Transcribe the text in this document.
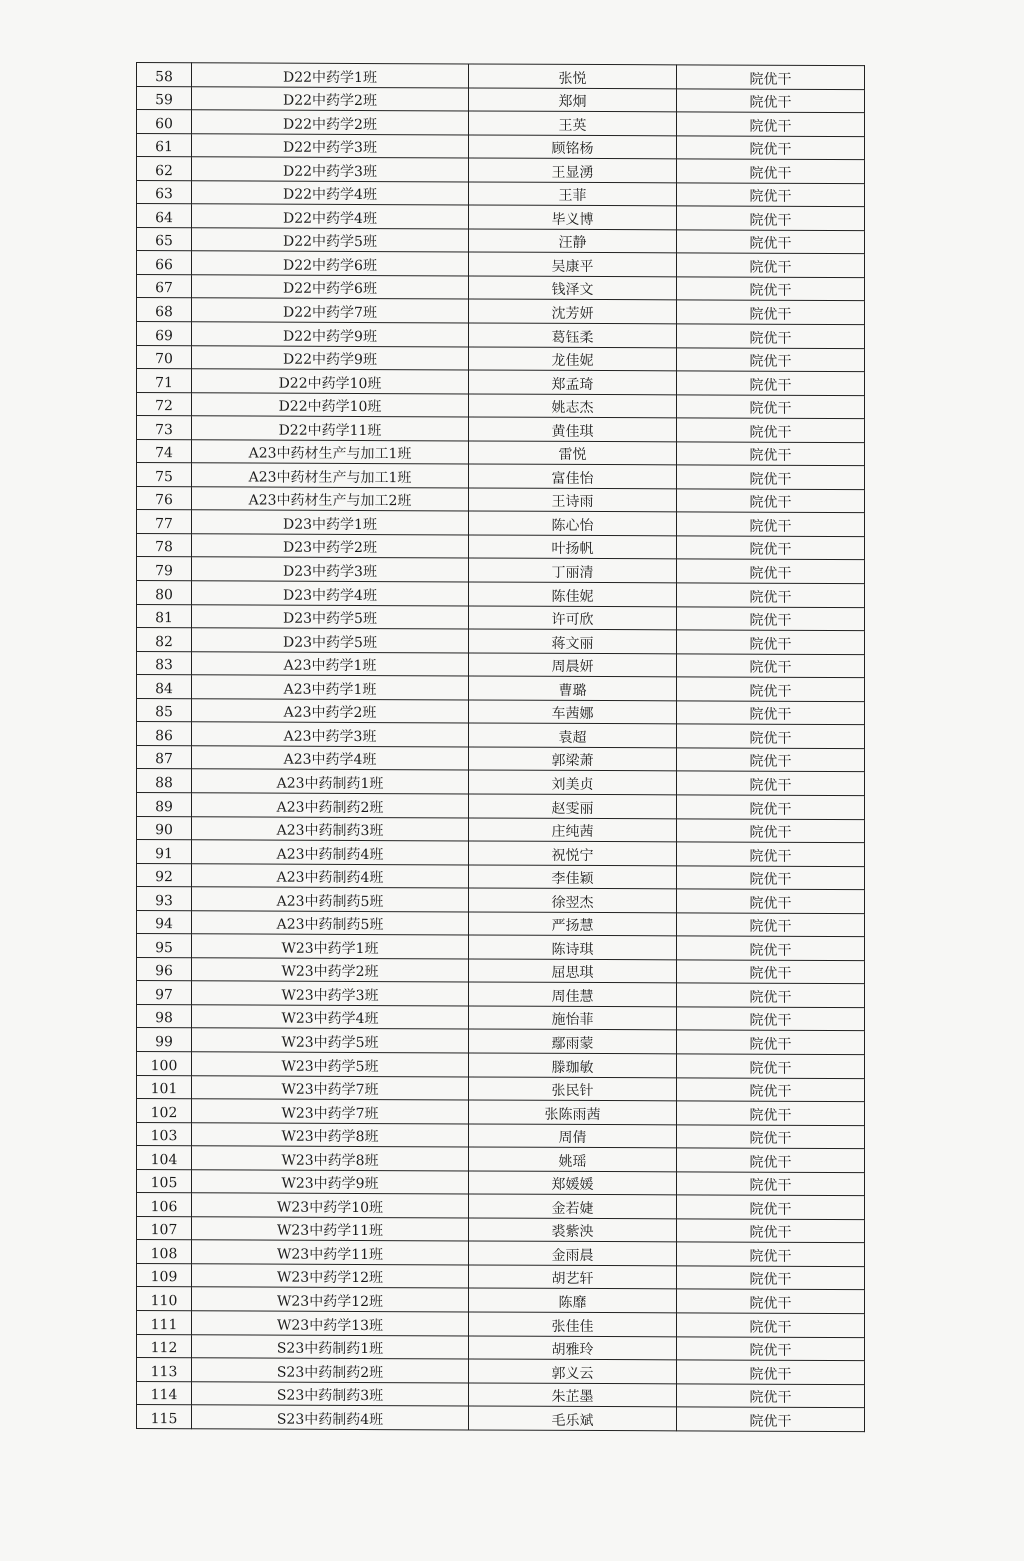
58	D22中药学1班	张悦	院优干
59	D22中药学2班	郑炯	院优干
60	D22中药学2班	王英	院优干
61	D22中药学3班	顾铭杨	院优干
62	D22中药学3班	王显湧	院优干
63	D22中药学4班	王菲	院优干
64	D22中药学4班	毕义博	院优干
65	D22中药学5班	汪静	院优干
66	D22中药学6班	吴康平	院优干
67	D22中药学6班	钱泽文	院优干
68	D22中药学7班	沈芳妍	院优干
69	D22中药学9班	葛钰柔	院优干
70	D22中药学9班	龙佳妮	院优干
71	D22中药学10班	郑孟琦	院优干
72	D22中药学10班	姚志杰	院优干
73	D22中药学11班	黄佳琪	院优干
74	A23中药材生产与加工1班	雷悦	院优干
75	A23中药材生产与加工1班	富佳怡	院优干
76	A23中药材生产与加工2班	王诗雨	院优干
77	D23中药学1班	陈心怡	院优干
78	D23中药学2班	叶扬帆	院优干
79	D23中药学3班	丁丽清	院优干
80	D23中药学4班	陈佳妮	院优干
81	D23中药学5班	许可欣	院优干
82	D23中药学5班	蒋文丽	院优干
83	A23中药学1班	周晨妍	院优干
84	A23中药学1班	曹璐	院优干
85	A23中药学2班	车茜娜	院优干
86	A23中药学3班	袁超	院优干
87	A23中药学4班	郭梁萧	院优干
88	A23中药制药1班	刘美贞	院优干
89	A23中药制药2班	赵雯丽	院优干
90	A23中药制药3班	庄纯茜	院优干
91	A23中药制药4班	祝悦宁	院优干
92	A23中药制药4班	李佳颖	院优干
93	A23中药制药5班	徐翌杰	院优干
94	A23中药制药5班	严扬慧	院优干
95	W23中药学1班	陈诗琪	院优干
96	W23中药学2班	屈思琪	院优干
97	W23中药学3班	周佳慧	院优干
98	W23中药学4班	施怡菲	院优干
99	W23中药学5班	鄢雨蒙	院优干
100	W23中药学5班	滕珈敏	院优干
101	W23中药学7班	张民针	院优干
102	W23中药学7班	张陈雨茜	院优干
103	W23中药学8班	周倩	院优干
104	W23中药学8班	姚瑶	院优干
105	W23中药学9班	郑媛媛	院优干
106	W23中药学10班	金若婕	院优干
107	W23中药学11班	裘紫泱	院优干
108	W23中药学11班	金雨晨	院优干
109	W23中药学12班	胡艺轩	院优干
110	W23中药学12班	陈靡	院优干
111	W23中药学13班	张佳佳	院优干
112	S23中药制药1班	胡雅玲	院优干
113	S23中药制药2班	郭义云	院优干
114	S23中药制药3班	朱芷墨	院优干
115	S23中药制药4班	毛乐斌	院优干
